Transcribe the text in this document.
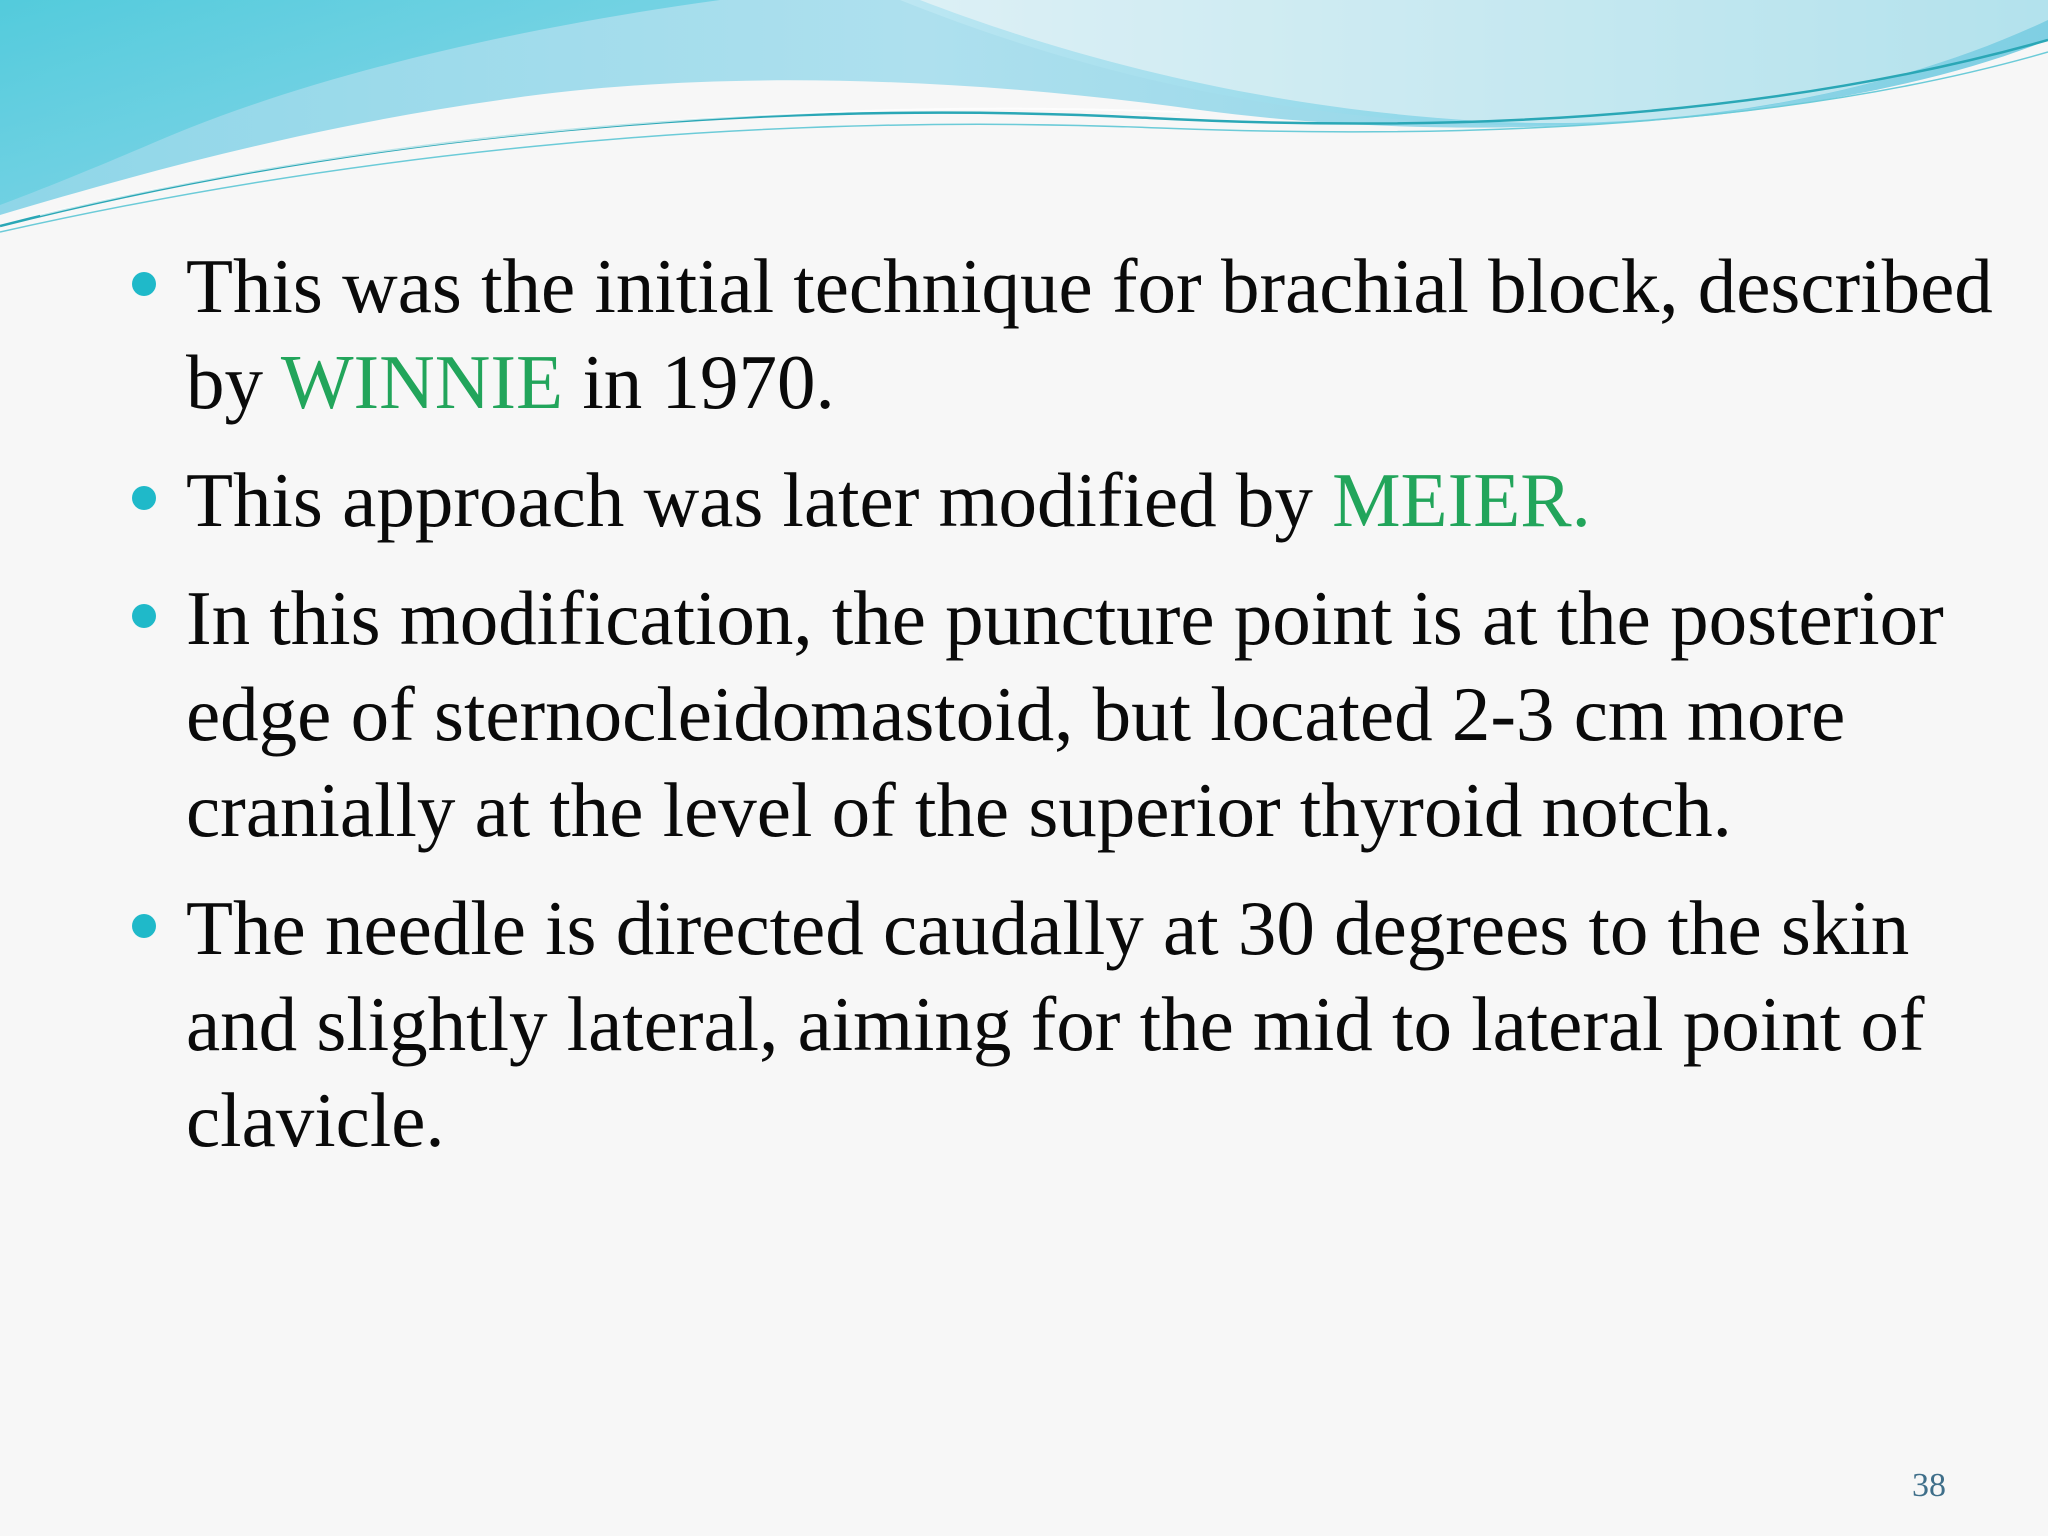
This was the initial technique for brachial block, described by WINNIE in 1970.
This approach was later modified by MEIER.
In this modification, the puncture point is at the posterior edge of sternocleidomastoid, but located 2-3 cm more cranially at the level of the superior thyroid notch.
The needle is directed caudally at 30 degrees to the skin and slightly lateral, aiming for the mid to lateral point of clavicle.
38
